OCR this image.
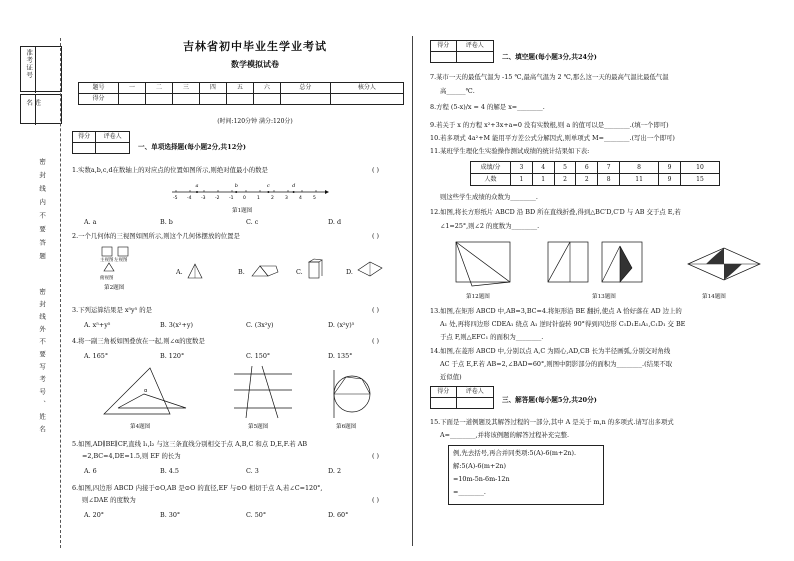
准考证号
姓名
密封线内不要答题
密封线外不要写考号、姓名
吉林省初中毕业生学业考试
数学模拟试卷
题号	一	二	三	四	五	六	总分	核分人
得分								
(时间:120分钟 满分:120分)
得分	评卷人

一、单项选择题(每小题2分,共12分)
1.实数a,b,c,d在数轴上的对应点的位置如图所示,则绝对值最小的数是	( )
-5 -4 -3 -2 -1 0 1 2 3 4 5
a	b	c	d
第1题图
A. a	B. b	C. c	D. d
2.一个几何体的三视图如图所示,则这个几何体摆放的位置是	( )
主视图 左视图
俯视图
第2题图
A.	B.	C.	D.
3.下列运算结果是 x⁵y⁵ 的是	( )
A. x⁵+y⁵	B. 3(x²+y)	C. (3x²y)	D. (x²y)⁵
4.将一副三角板如图叠放在一起,则∠α的度数是	( )
A. 165°	B. 120°	C. 150°	D. 135°
α
第4题图	第5题图	第6题图
5.如图,AD∥BE∥CF,直线 l₁,l₂ 与这三条直线分别相交于点 A,B,C 和点 D,E,F.若 AB
=2,BC=4,DE=1.5,则 EF 的长为	( )
A. 6	B. 4.5	C. 3	D. 2
6.如图,四边形 ABCD 内接于⊙O,AB 是⊙O 的直径,EF 与⊙O 相切于点 A,若∠C=120°,
则∠DAE 的度数为	( )
A. 20°	B. 30°	C. 50°	D. 60°
得分	评卷人

二、填空题(每小题3分,共24分)
7.某市一天的最低气温为 -15 ℃,最高气温为 2 ℃,那么这一天的最高气温比最低气温
高______℃.
8.方程 (5-x)/x = 4 的解是 x=________.
9.若关于 x 的方程 x²+3x+a=0 没有实数根,则 a 的值可以是________.(填一个即可)
10.若多项式 4a²+M 能用平方差公式分解因式,则单项式 M=________.(写出一个即可)
11.某班学生理化生实验操作测试成绩的统计结果如下表:
成绩/分	3	4	5	6	7	8	9	10
人数	1	1	2	2	8	11	9	15
则这些学生成绩的众数为________.
12.如图,将长方形纸片 ABCD 沿 BD 所在直线折叠,得到△BC′D,C′D 与 AB 交于点 E,若
∠1=25°,则∠2 的度数为________.
第12题图	第13题图	第14题图
13.如图,在矩形 ABCD 中,AB=3,BC=4.将矩形沿 BE 翻折,使点 A 恰好落在 AD 边上的
A₁ 处,再将四边形 CDEA₁ 绕点 A₁ 逆时针旋转 90°得到四边形 C₁D₁E₁A₁,C₁D₁ 交 BE
于点 F,则△EFC₁ 的面积为________.
14.如图,在菱形 ABCD 中,分别以点 A,C 为圆心,AD,CB 长为半径画弧,分别交对角线
AC 于点 E,F.若 AB=2,∠BAD=60°,则图中阴影部分的面积为________.(结果不取
近似值)
得分	评卷人

三、解答题(每小题5分,共20分)
15.下面是一道例题及其解答过程的一部分,其中 A 是关于 m,n 的多项式.请写出多项式
A=________,并将该例题的解答过程补充完整.
例,先去括号,再合并同类项:5(A)-6(m+2n).
解:5(A)-6(m+2n)
=10m-5n-6m-12n
=________.
